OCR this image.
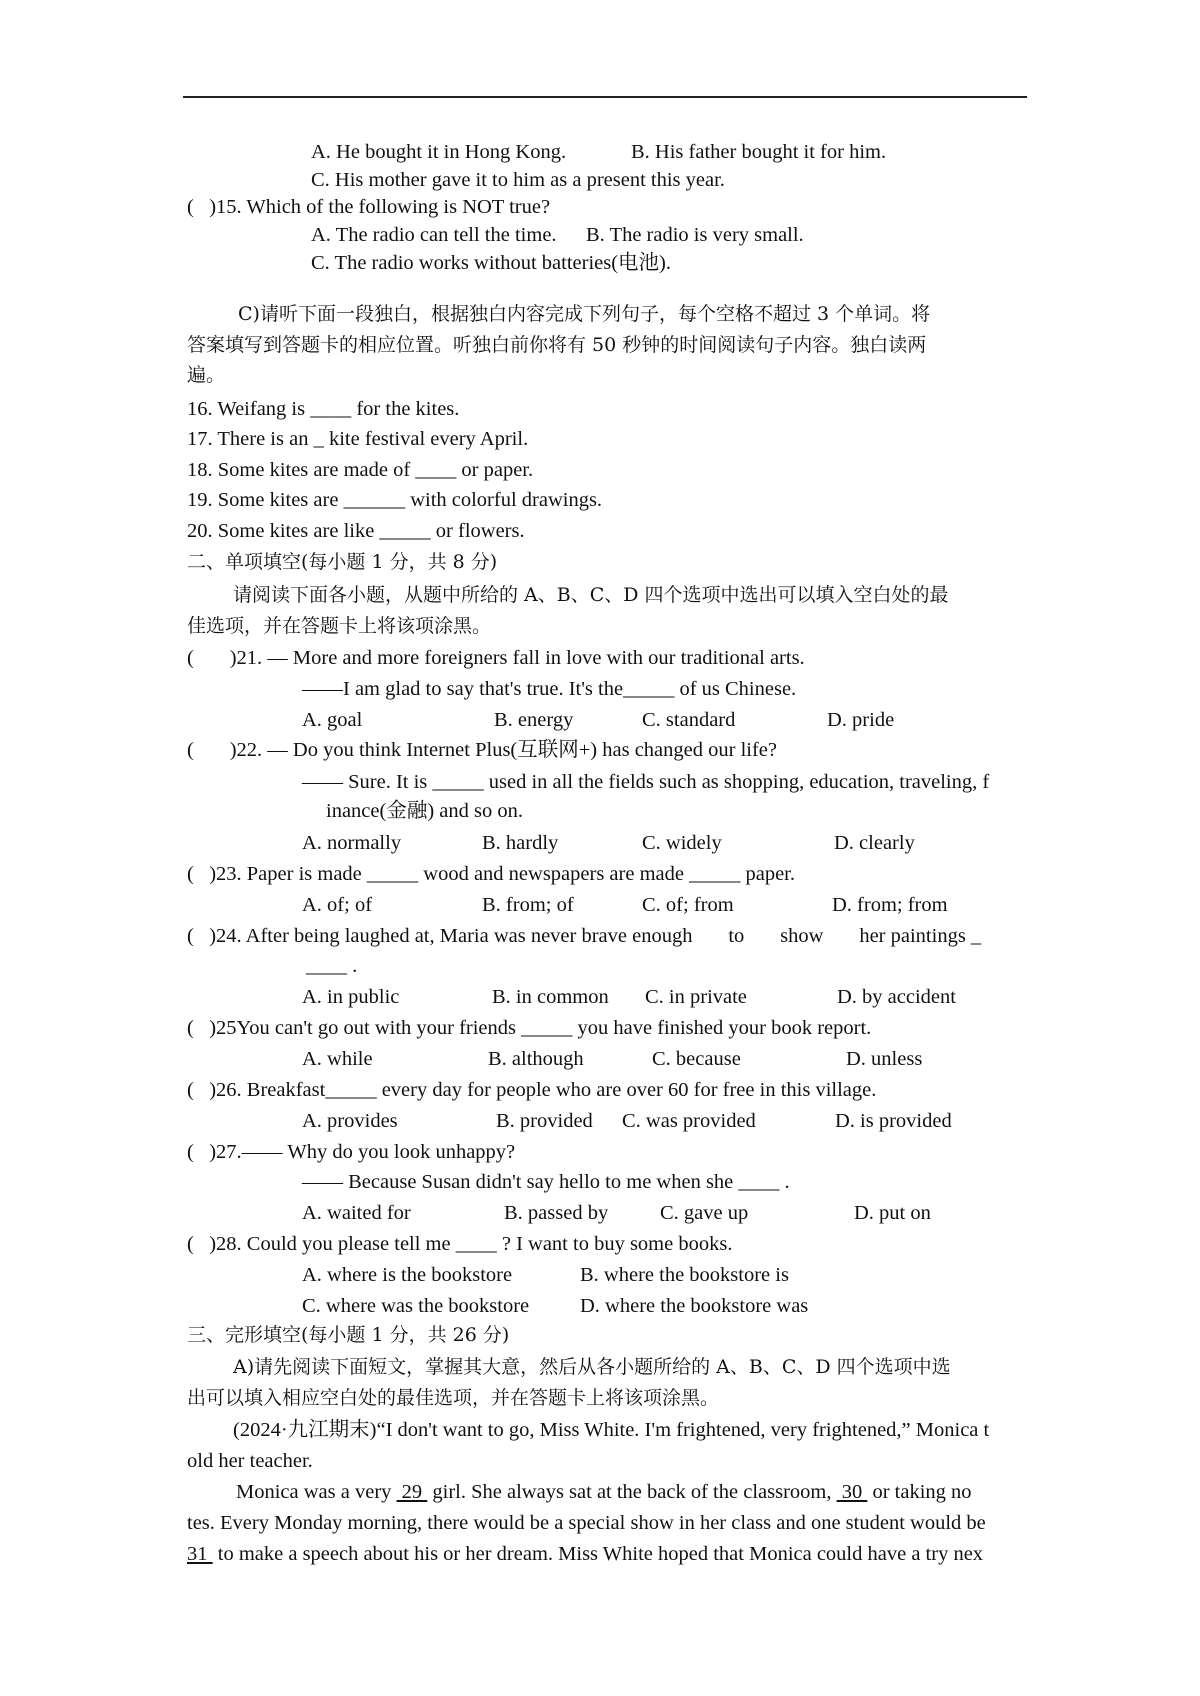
A. He bought it in Hong Kong.	B. His father bought it for him.
C. His mother gave it to him as a present this year.
(   )15. Which of the following is NOT true?
A. The radio can tell the time. B. The radio is very small.
C. The radio works without batteries(电池).
C)请听下面一段独白，根据独白内容完成下列句子，每个空格不超过 3 个单词。将
答案填写到答题卡的相应位置。听独白前你将有 50 秒钟的时间阅读句子内容。独白读两
遍。
16. Weifang is ____ for the kites.
17. There is an _ kite festival every April.
18. Some kites are made of ____ or paper.
19. Some kites are ______ with colorful drawings.
20. Some kites are like _____ or flowers.
二、单项填空(每小题 1 分，共 8 分)
请阅读下面各小题，从题中所给的 A、B、C、D 四个选项中选出可以填入空白处的最
佳选项，并在答题卡上将该项涂黑。
(       )21. — More and more foreigners fall in love with our traditional arts.
——I am glad to say that's true. It's the_____ of us Chinese.
A. goal	B. energy	C. standard	D. pride
(       )22. — Do you think Internet Plus(互联网+) has changed our life?
—— Sure. It is _____ used in all the fields such as shopping, education, traveling, f
inance(金融) and so on.
A. normally	B. hardly	C. widely	D. clearly
(   )23. Paper is made _____ wood and newspapers are made _____ paper.
A. of; of	B. from; of	C. of; from	D. from; from
(   )24. After being laughed at, Maria was never brave enough       to       show       her paintings _
____ .
A. in public	B. in common C. in private	D. by accident
(   )25You can't go out with your friends _____ you have finished your book report.
A. while	B. although	C. because	D. unless
(   )26. Breakfast_____ every day for people who are over 60 for free in this village.
A. provides	B. provided C. was provided	D. is provided
(   )27.—— Why do you look unhappy?
—— Because Susan didn't say hello to me when she ____ .
A. waited for	B. passed by	C. gave up	D. put on
(   )28. Could you please tell me ____ ? I want to buy some books.
A. where is the bookstore	B. where the bookstore is
C. where was the bookstore D. where the bookstore was
三、完形填空(每小题 1 分，共 26 分)
A)请先阅读下面短文，掌握其大意，然后从各小题所给的 A、B、C、D 四个选项中选
出可以填入相应空白处的最佳选项，并在答题卡上将该项涂黑。
(2024·九江期末)“I don't want to go, Miss White. I'm frightened, very frightened,” Monica t
old her teacher.
Monica was a very  29  girl. She always sat at the back of the classroom,  30  or taking no
tes. Every Monday morning, there would be a special show in her class and one student would be
31  to make a speech about his or her dream. Miss White hoped that Monica could have a try nex
